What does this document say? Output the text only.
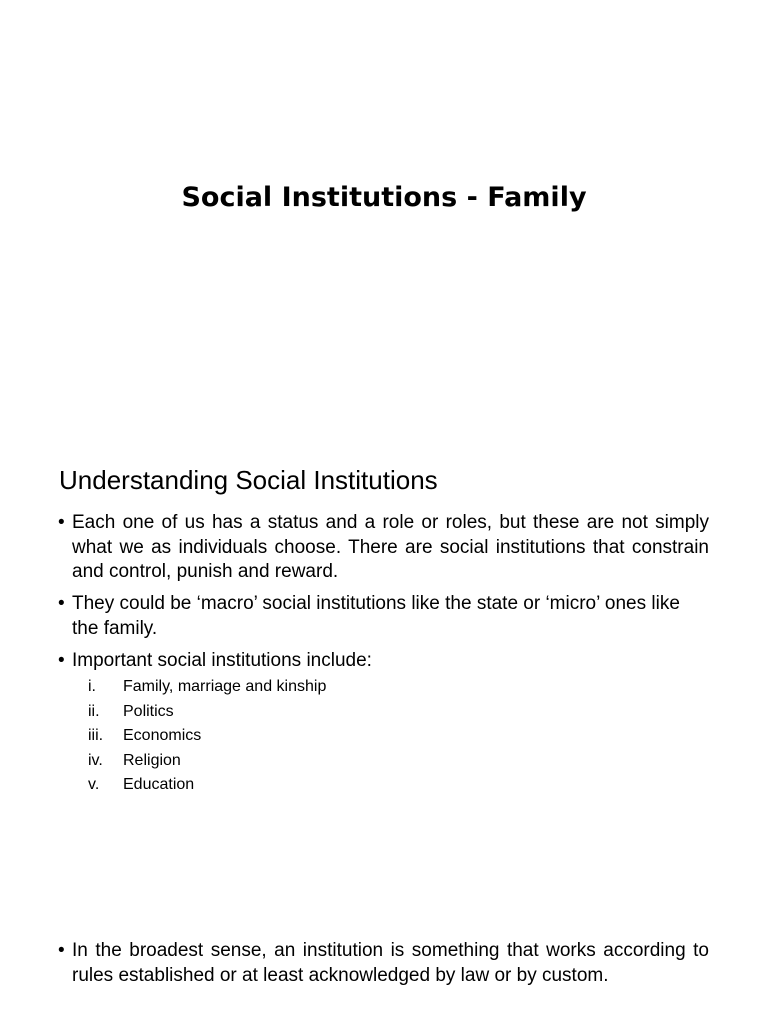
Social Institutions - Family
Understanding Social Institutions
• Each one of us has a status and a role or roles, but these are not simply what we as individuals choose. There are social institutions that constrain and control, punish and reward.
• They could be ‘macro’ social institutions like the state or ‘micro’ ones like the family.
• Important social institutions include:
i. Family, marriage and kinship
ii. Politics
iii. Economics
iv. Religion
v. Education
• In the broadest sense, an institution is something that works according to rules established or at least acknowledged by law or by custom.
